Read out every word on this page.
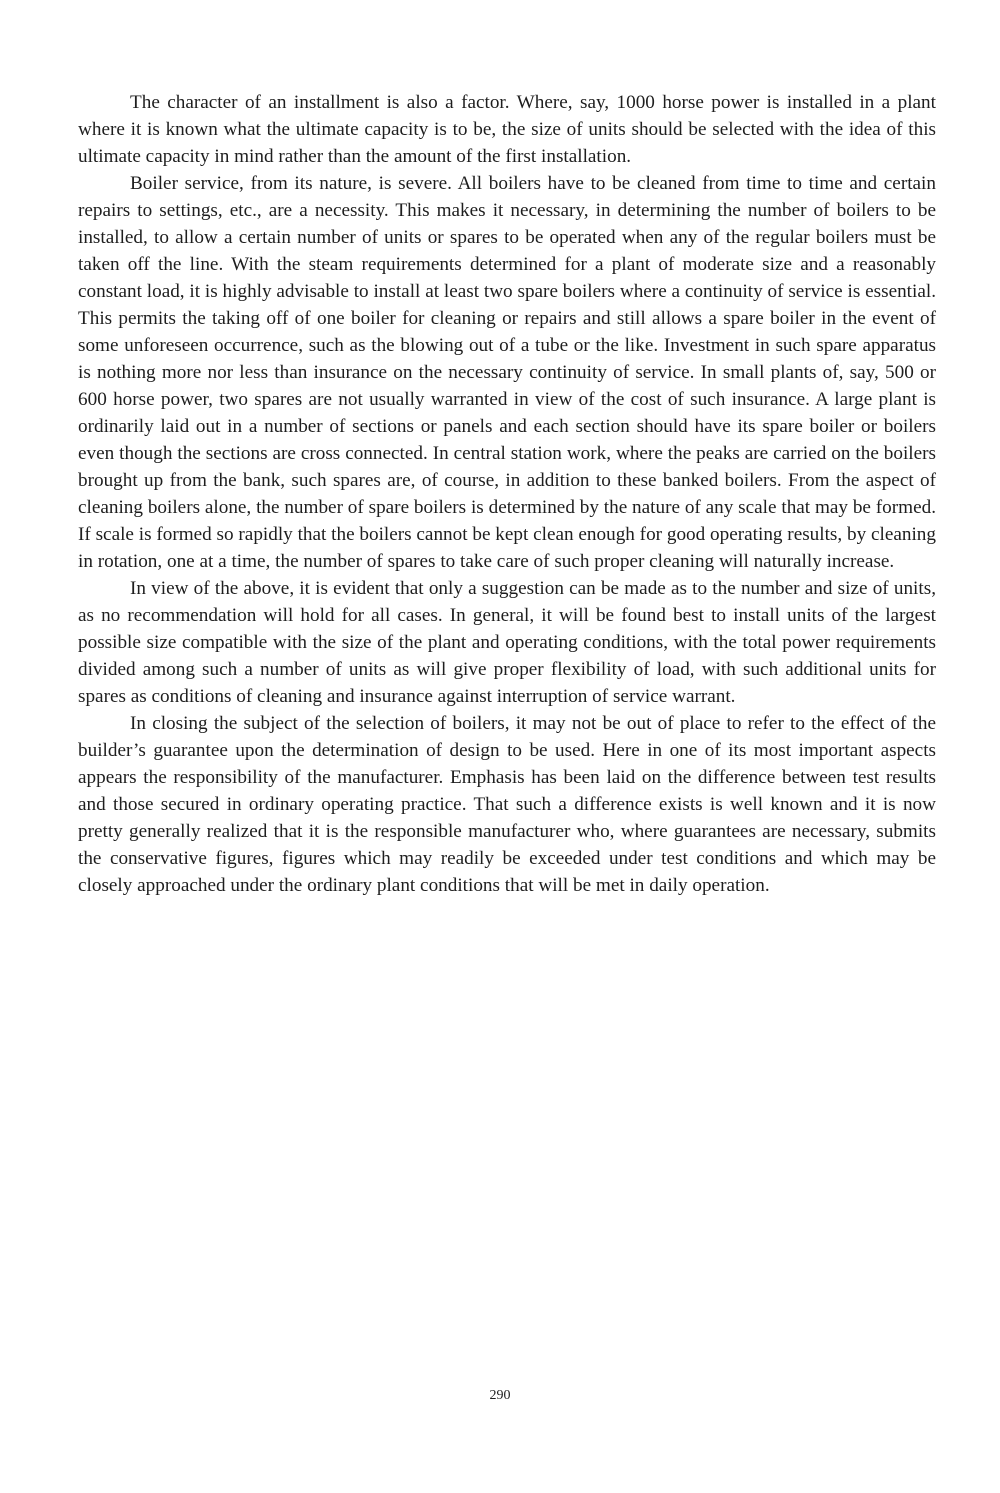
The character of an installment is also a factor. Where, say, 1000 horse power is installed in a plant where it is known what the ultimate capacity is to be, the size of units should be selected with the idea of this ultimate capacity in mind rather than the amount of the first installation.

Boiler service, from its nature, is severe. All boilers have to be cleaned from time to time and certain repairs to settings, etc., are a necessity. This makes it necessary, in determining the number of boilers to be installed, to allow a certain number of units or spares to be operated when any of the regular boilers must be taken off the line. With the steam requirements determined for a plant of moderate size and a reasonably constant load, it is highly advisable to install at least two spare boilers where a continuity of service is essential. This permits the taking off of one boiler for cleaning or repairs and still allows a spare boiler in the event of some unforeseen occurrence, such as the blowing out of a tube or the like. Investment in such spare apparatus is nothing more nor less than insurance on the necessary continuity of service. In small plants of, say, 500 or 600 horse power, two spares are not usually warranted in view of the cost of such insurance. A large plant is ordinarily laid out in a number of sections or panels and each section should have its spare boiler or boilers even though the sections are cross connected. In central station work, where the peaks are carried on the boilers brought up from the bank, such spares are, of course, in addition to these banked boilers. From the aspect of cleaning boilers alone, the number of spare boilers is determined by the nature of any scale that may be formed. If scale is formed so rapidly that the boilers cannot be kept clean enough for good operating results, by cleaning in rotation, one at a time, the number of spares to take care of such proper cleaning will naturally increase.

In view of the above, it is evident that only a suggestion can be made as to the number and size of units, as no recommendation will hold for all cases. In general, it will be found best to install units of the largest possible size compatible with the size of the plant and operating conditions, with the total power requirements divided among such a number of units as will give proper flexibility of load, with such additional units for spares as conditions of cleaning and insurance against interruption of service warrant.

In closing the subject of the selection of boilers, it may not be out of place to refer to the effect of the builder’s guarantee upon the determination of design to be used. Here in one of its most important aspects appears the responsibility of the manufacturer. Emphasis has been laid on the difference between test results and those secured in ordinary operating practice. That such a difference exists is well known and it is now pretty generally realized that it is the responsible manufacturer who, where guarantees are necessary, submits the conservative figures, figures which may readily be exceeded under test conditions and which may be closely approached under the ordinary plant conditions that will be met in daily operation.

290
